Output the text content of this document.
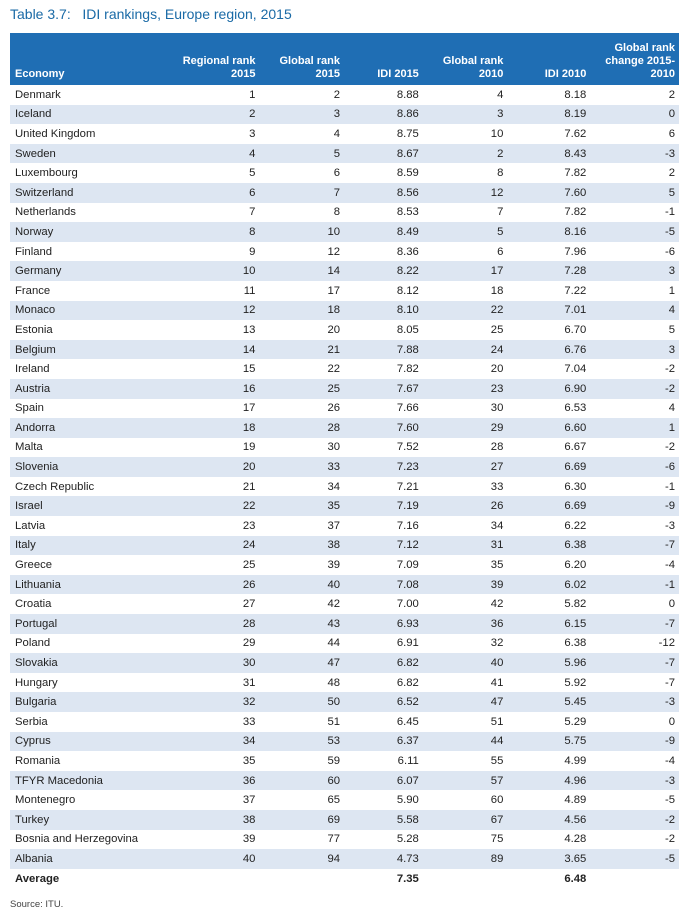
Table 3.7:   IDI rankings, Europe region, 2015
Economy	Regional rank 2015	Global rank 2015	IDI 2015	Global rank 2010	IDI 2010	Global rank change 2015-2010
Denmark	1	2	8.88	4	8.18	2
Iceland	2	3	8.86	3	8.19	0
United Kingdom	3	4	8.75	10	7.62	6
Sweden	4	5	8.67	2	8.43	-3
Luxembourg	5	6	8.59	8	7.82	2
Switzerland	6	7	8.56	12	7.60	5
Netherlands	7	8	8.53	7	7.82	-1
Norway	8	10	8.49	5	8.16	-5
Finland	9	12	8.36	6	7.96	-6
Germany	10	14	8.22	17	7.28	3
France	11	17	8.12	18	7.22	1
Monaco	12	18	8.10	22	7.01	4
Estonia	13	20	8.05	25	6.70	5
Belgium	14	21	7.88	24	6.76	3
Ireland	15	22	7.82	20	7.04	-2
Austria	16	25	7.67	23	6.90	-2
Spain	17	26	7.66	30	6.53	4
Andorra	18	28	7.60	29	6.60	1
Malta	19	30	7.52	28	6.67	-2
Slovenia	20	33	7.23	27	6.69	-6
Czech Republic	21	34	7.21	33	6.30	-1
Israel	22	35	7.19	26	6.69	-9
Latvia	23	37	7.16	34	6.22	-3
Italy	24	38	7.12	31	6.38	-7
Greece	25	39	7.09	35	6.20	-4
Lithuania	26	40	7.08	39	6.02	-1
Croatia	27	42	7.00	42	5.82	0
Portugal	28	43	6.93	36	6.15	-7
Poland	29	44	6.91	32	6.38	-12
Slovakia	30	47	6.82	40	5.96	-7
Hungary	31	48	6.82	41	5.92	-7
Bulgaria	32	50	6.52	47	5.45	-3
Serbia	33	51	6.45	51	5.29	0
Cyprus	34	53	6.37	44	5.75	-9
Romania	35	59	6.11	55	4.99	-4
TFYR Macedonia	36	60	6.07	57	4.96	-3
Montenegro	37	65	5.90	60	4.89	-5
Turkey	38	69	5.58	67	4.56	-2
Bosnia and Herzegovina	39	77	5.28	75	4.28	-2
Albania	40	94	4.73	89	3.65	-5
Average			7.35		6.48	
Source: ITU.
